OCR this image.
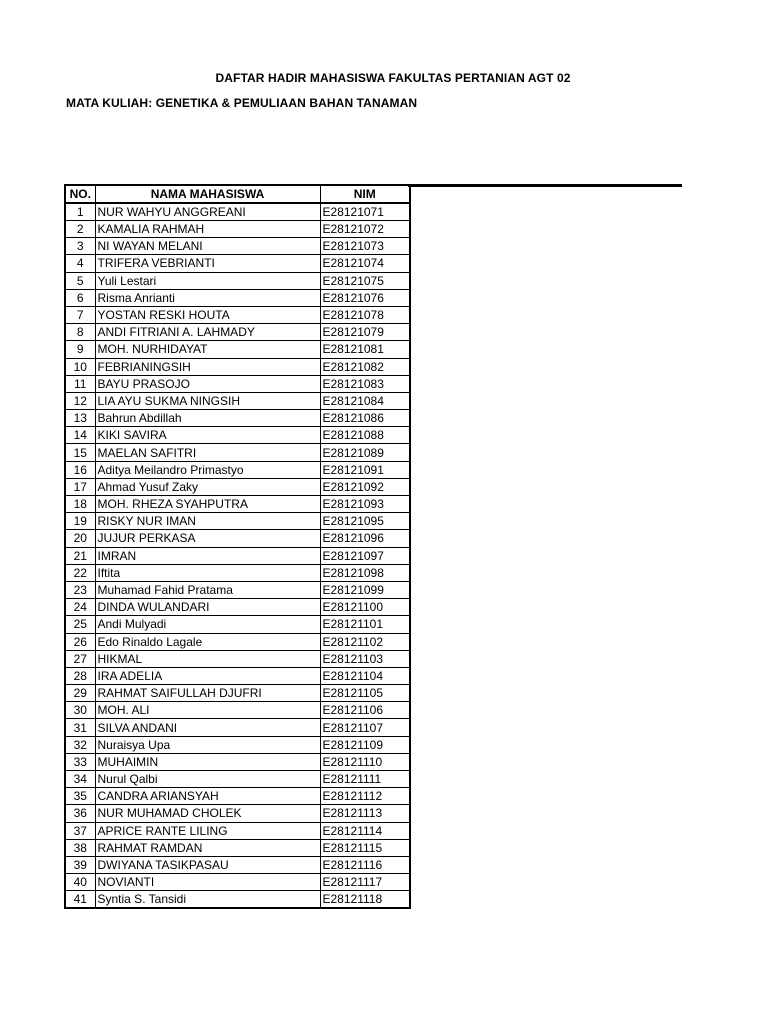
DAFTAR HADIR MAHASISWA FAKULTAS PERTANIAN AGT 02
MATA KULIAH: GENETIKA & PEMULIAAN BAHAN TANAMAN
NO.	NAMA MAHASISWA	NIM
1	NUR WAHYU ANGGREANI	E28121071
2	KAMALIA RAHMAH	E28121072
3	NI WAYAN MELANI	E28121073
4	TRIFERA VEBRIANTI	E28121074
5	Yuli Lestari	E28121075
6	Risma Anrianti	E28121076
7	YOSTAN RESKI HOUTA	E28121078
8	ANDI FITRIANI A. LAHMADY	E28121079
9	MOH. NURHIDAYAT	E28121081
10	FEBRIANINGSIH	E28121082
11	BAYU PRASOJO	E28121083
12	LIA AYU SUKMA NINGSIH	E28121084
13	Bahrun Abdillah	E28121086
14	KIKI SAVIRA	E28121088
15	MAELAN SAFITRI	E28121089
16	Aditya Meilandro Primastyo	E28121091
17	Ahmad Yusuf Zaky	E28121092
18	MOH. RHEZA SYAHPUTRA	E28121093
19	RISKY NUR IMAN	E28121095
20	JUJUR PERKASA	E28121096
21	IMRAN	E28121097
22	Iftita	E28121098
23	Muhamad Fahid Pratama	E28121099
24	DINDA WULANDARI	E28121100
25	Andi Mulyadi	E28121101
26	Edo Rinaldo Lagale	E28121102
27	HIKMAL	E28121103
28	IRA ADELIA	E28121104
29	RAHMAT SAIFULLAH DJUFRI	E28121105
30	MOH. ALI	E28121106
31	SILVA ANDANI	E28121107
32	Nuraisya Upa	E28121109
33	MUHAIMIN	E28121110
34	Nurul Qalbi	E28121111
35	CANDRA ARIANSYAH	E28121112
36	NUR MUHAMAD CHOLEK	E28121113
37	APRICE RANTE LILING	E28121114
38	RAHMAT RAMDAN	E28121115
39	DWIYANA TASIKPASAU	E28121116
40	NOVIANTI	E28121117
41	Syntia S. Tansidi	E28121118
